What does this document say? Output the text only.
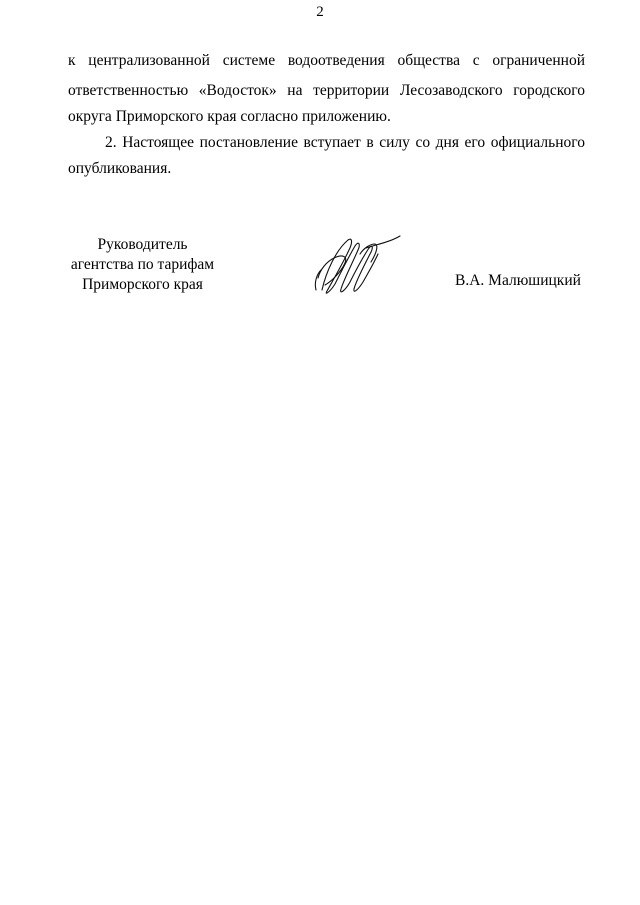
2
к централизованной системе водоотведения общества с ограниченной
ответственностью «Водосток» на территории Лесозаводского городского
округа Приморского края согласно приложению.
2. Настоящее постановление вступает в силу со дня его официального
опубликования.
Руководитель
агентства по тарифам
Приморского края	В.А. Малюшицкий
